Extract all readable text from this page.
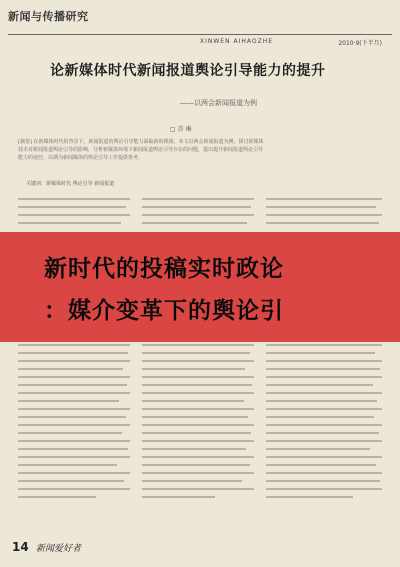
新闻与传播研究
XINWEN AIHAOZHE	2010·9(下半月)
论新媒体时代新闻报道舆论引导能力的提升
——以两会新闻报道为例
□ 苏 琳

[摘要] 在新媒体时代的背景下，新闻报道的舆论引导能力面临新的挑战，本文以两会新闻报道为例，探讨新媒体

技术对新闻报道舆论引导的影响，分析新媒体环境下新闻报道舆论引导存在的问题，提出提升新闻报道舆论引导

能力的途径，以期为新闻媒体的舆论引导工作提供参考。

关键词：新媒体时代 舆论引导 新闻报道
新时代的投稿实时政论
：媒介变革下的舆论引
14 新闻爱好者
